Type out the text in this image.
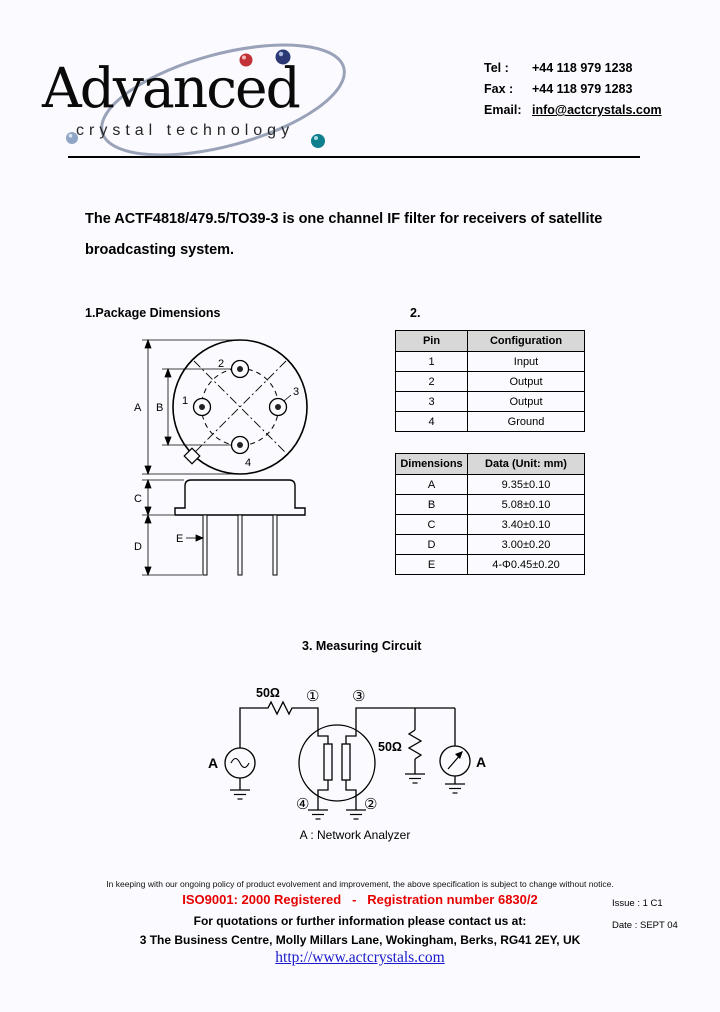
Advanced
crystal technology
Tel : +44 118 979 1238
Fax : +44 118 979 1283
Email: info@actcrystals.com
The ACTF4818/479.5/TO39-3 is one channel IF filter for receivers of satellite broadcasting system.
1.Package Dimensions	2.
3. Measuring Circuit
2
1
3
4
A B
C
D
E
Pin	Configuration
1	Input
2	Output
3	Output
4	Ground
Dimensions	Data (Unit: mm)
A	9.35±0.10
B	5.08±0.10
C	3.40±0.10
D	3.00±0.20
E	4-Φ0.45±0.20
50Ω
50Ω
① ③
④	②
A	A
A : Network Analyzer
In keeping with our ongoing policy of product evolvement and improvement, the above specification is subject to change without notice.
ISO9001: 2000 Registered   -   Registration number 6830/2
For quotations or further information please contact us at:
3 The Business Centre, Molly Millars Lane, Wokingham, Berks, RG41 2EY, UK
http://www.actcrystals.com
Issue : 1 C1
Date : SEPT 04
